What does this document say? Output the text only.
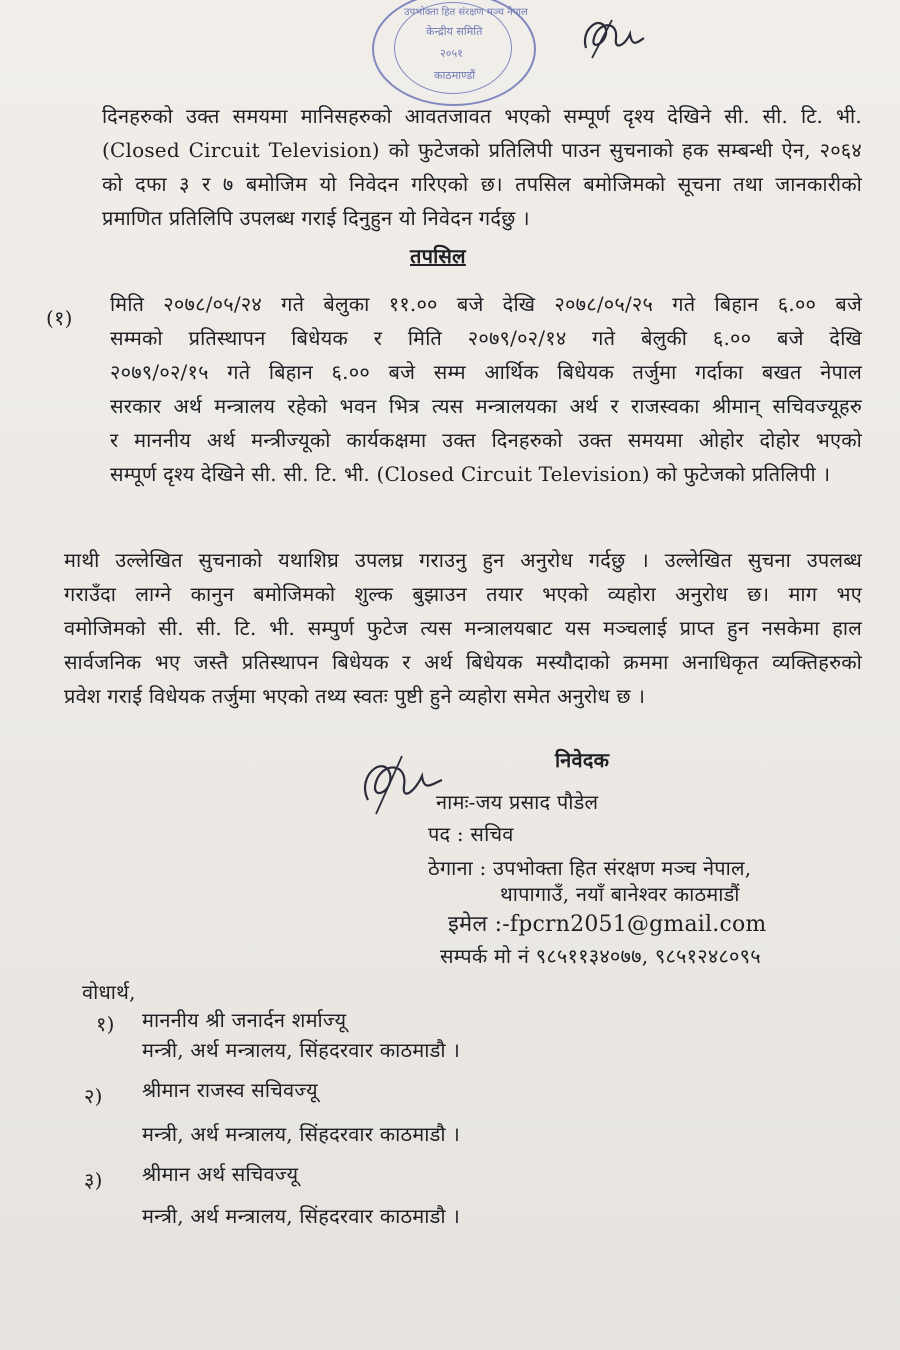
उपभोक्ता हित संरक्षण मञ्च नेपाल
केन्द्रीय समिति
२०५१
काठमाण्डौं
दिनहरुको उक्त समयमा मानिसहरुको आवतजावत भएको सम्पूर्ण दृश्य देखिने सी. सी. टि. भी.
(Closed Circuit Television) को फुटेजको प्रतिलिपी पाउन सुचनाको हक सम्बन्धी ऐन, २०६४
को दफा ३ र ७ बमोजिम यो निवेदन गरिएको छ। तपसिल बमोजिमको सूचना तथा जानकारीको
प्रमाणित प्रतिलिपि उपलब्ध गराई दिनुहुन यो निवेदन गर्दछु ।
तपसिल
(१)
मिति २०७८/०५/२४ गते बेलुका ११.०० बजे देखि २०७८/०५/२५ गते बिहान ६.०० बजे
सम्मको प्रतिस्थापन बिधेयक र मिति २०७९/०२/१४ गते बेलुकी ६.०० बजे देखि
२०७९/०२/१५ गते बिहान ६.०० बजे सम्म आर्थिक बिधेयक तर्जुमा गर्दाका बखत नेपाल
सरकार अर्थ मन्त्रालय रहेको भवन भित्र त्यस मन्त्रालयका अर्थ र राजस्वका श्रीमान् सचिवज्यूहरु
र माननीय अर्थ मन्त्रीज्यूको कार्यकक्षमा उक्त दिनहरुको उक्त समयमा ओहोर दोहोर भएको
सम्पूर्ण दृश्य देखिने सी. सी. टि. भी. (Closed Circuit Television) को फुटेजको प्रतिलिपी ।
माथी उल्लेखित सुचनाको यथाशिघ्र उपलघ्र गराउनु हुन अनुरोध गर्दछु । उल्लेखित सुचना उपलब्ध
गराउँदा लाग्ने कानुन बमोजिमको शुल्क बुझाउन तयार भएको व्यहोरा अनुरोध छ। माग भए
वमोजिमको सी. सी. टि. भी. सम्पुर्ण फुटेज त्यस मन्त्रालयबाट यस मञ्चलाई प्राप्त हुन नसकेमा हाल
सार्वजनिक भए जस्तै प्रतिस्थापन बिधेयक र अर्थ बिधेयक मस्यौदाको क्रममा अनाधिकृत व्यक्तिहरुको
प्रवेश गराई विधेयक तर्जुमा भएको तथ्य स्वतः पुष्टी हुने व्यहोरा समेत अनुरोध छ ।
निवेदक
नामः-जय प्रसाद पौडेल
पद : सचिव
ठेगाना : उपभोक्ता हित संरक्षण मञ्च नेपाल,
थापागाउँ, नयाँ बानेश्वर काठमाडौं
इमेल :-fpcrn2051@gmail.com
सम्पर्क मो नं ९८५११३४०७७, ९८५१२४८०९५
वोधार्थ,
१) माननीय श्री जनार्दन शर्माज्यू
मन्त्री, अर्थ मन्त्रालय, सिंहदरवार काठमाडौ ।
२) श्रीमान राजस्व सचिवज्यू
मन्त्री, अर्थ मन्त्रालय, सिंहदरवार काठमाडौ ।
३) श्रीमान अर्थ सचिवज्यू
मन्त्री, अर्थ मन्त्रालय, सिंहदरवार काठमाडौ ।
